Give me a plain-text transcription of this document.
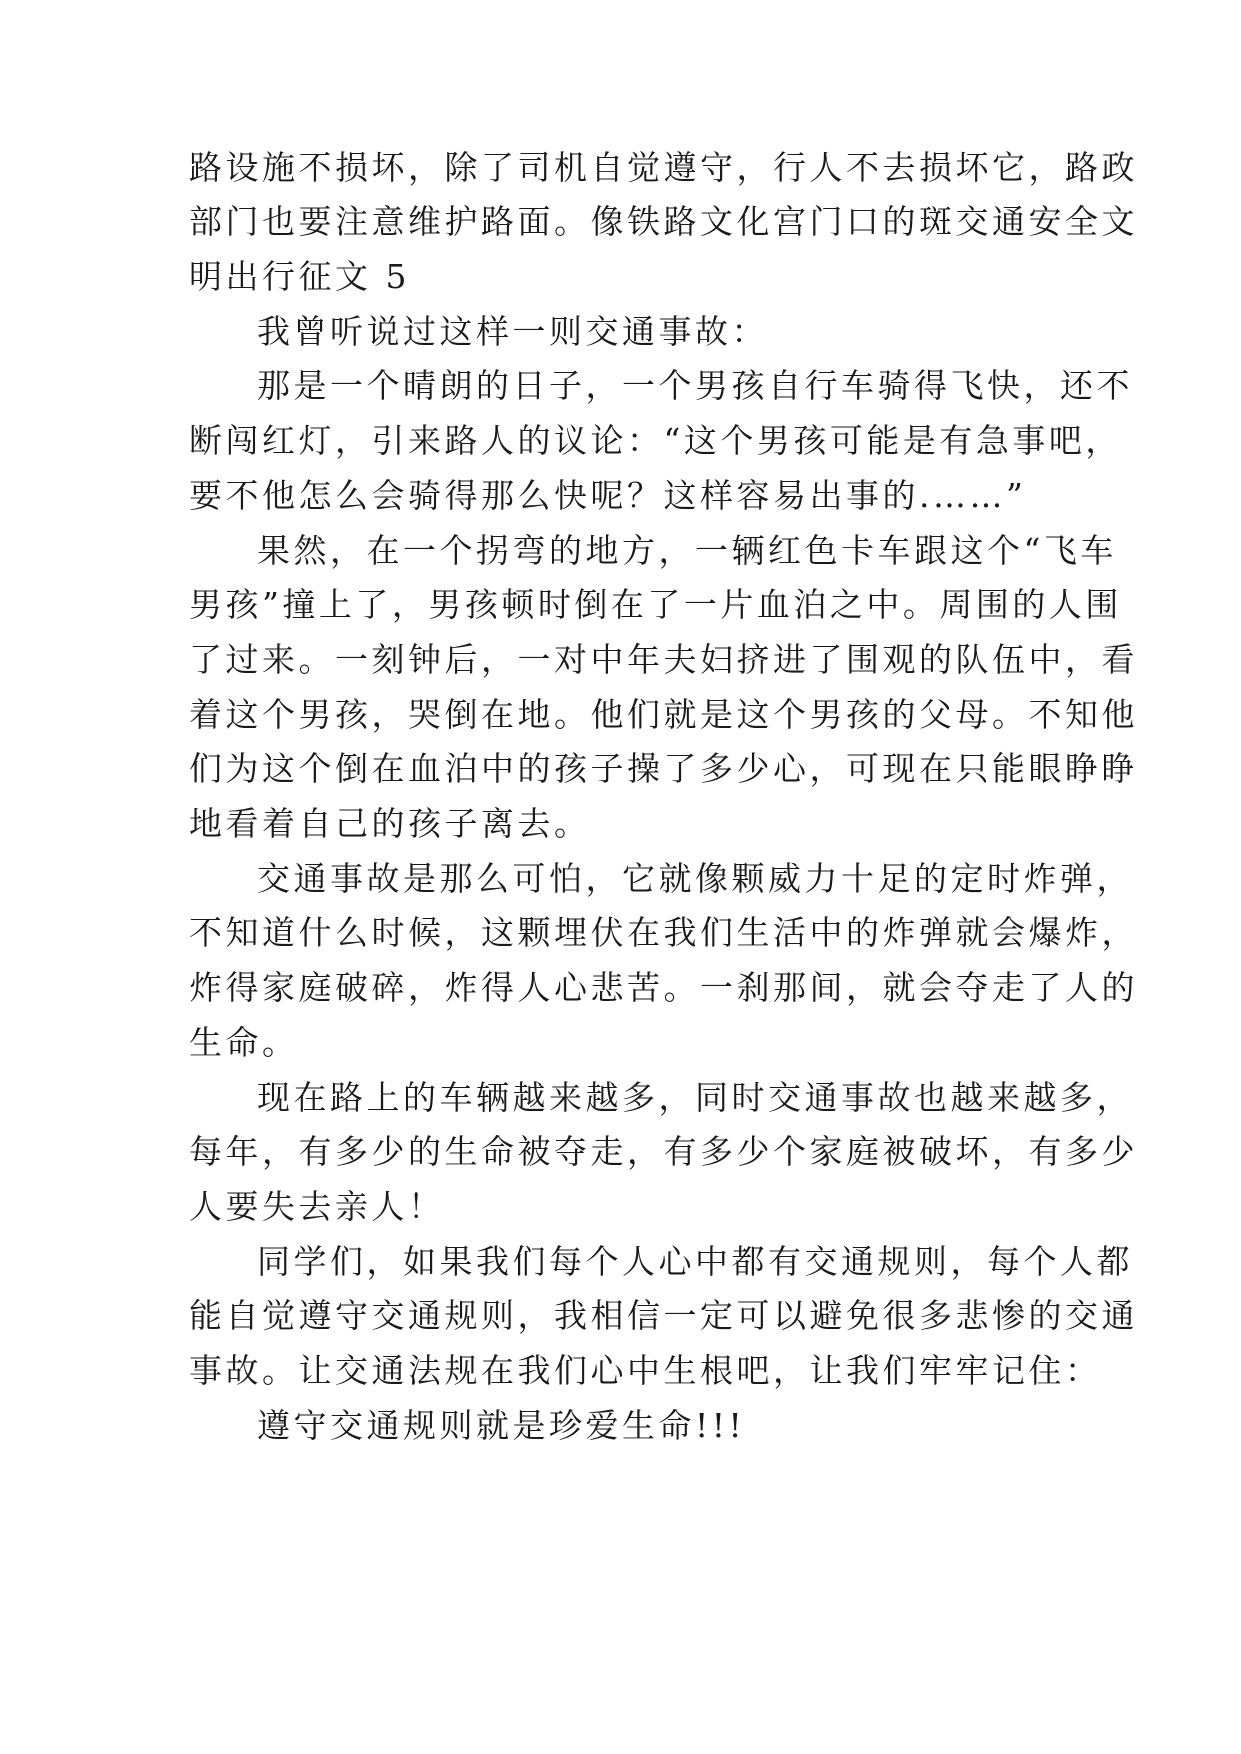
路设施不损坏，除了司机自觉遵守，行人不去损坏它，路政
部门也要注意维护路面。像铁路文化宫门口的斑交通安全文
明出行征文 5
我曾听说过这样一则交通事故：
那是一个晴朗的日子，一个男孩自行车骑得飞快，还不
断闯红灯，引来路人的议论：“这个男孩可能是有急事吧，
要不他怎么会骑得那么快呢？这样容易出事的.……”
果然，在一个拐弯的地方，一辆红色卡车跟这个“飞车
男孩”撞上了，男孩顿时倒在了一片血泊之中。周围的人围
了过来。一刻钟后，一对中年夫妇挤进了围观的队伍中，看
着这个男孩，哭倒在地。他们就是这个男孩的父母。不知他
们为这个倒在血泊中的孩子操了多少心，可现在只能眼睁睁
地看着自己的孩子离去。
交通事故是那么可怕，它就像颗威力十足的定时炸弹，
不知道什么时候，这颗埋伏在我们生活中的炸弹就会爆炸，
炸得家庭破碎，炸得人心悲苦。一刹那间，就会夺走了人的
生命。
现在路上的车辆越来越多，同时交通事故也越来越多，
每年，有多少的生命被夺走，有多少个家庭被破坏，有多少
人要失去亲人！
同学们，如果我们每个人心中都有交通规则，每个人都
能自觉遵守交通规则，我相信一定可以避免很多悲惨的交通
事故。让交通法规在我们心中生根吧，让我们牢牢记住：
遵守交通规则就是珍爱生命!!!
